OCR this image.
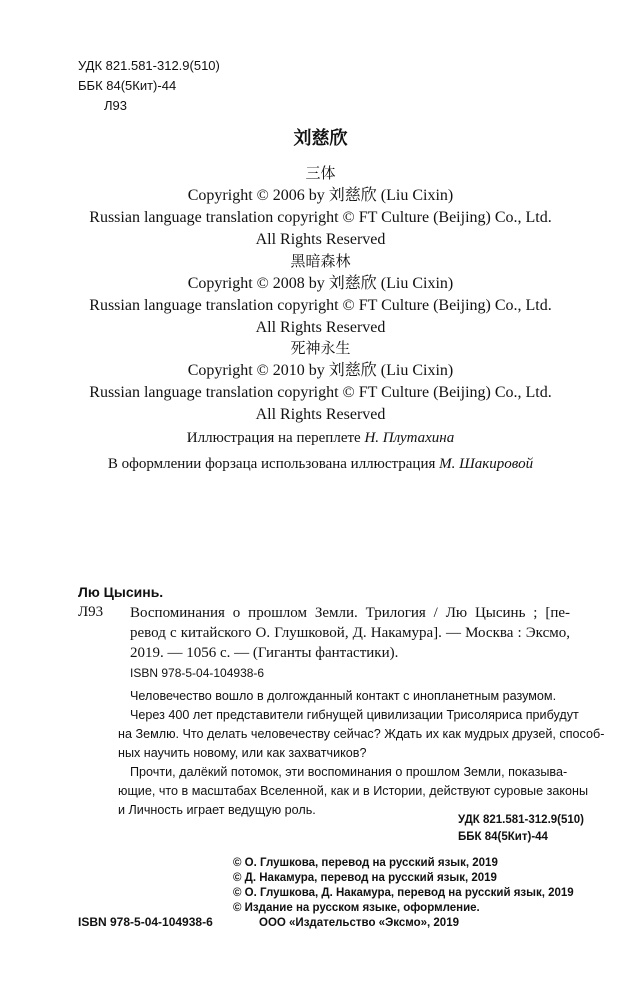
УДК 821.581-312.9(510)
ББК 84(5Кит)-44
Л93
刘慈欣
三体
Copyright © 2006 by 刘慈欣 (Liu Cixin)
Russian language translation copyright © FT Culture (Beijing) Co., Ltd.
All Rights Reserved
黑暗森林
Copyright © 2008 by 刘慈欣 (Liu Cixin)
Russian language translation copyright © FT Culture (Beijing) Co., Ltd.
All Rights Reserved
死神永生
Copyright © 2010 by 刘慈欣 (Liu Cixin)
Russian language translation copyright © FT Culture (Beijing) Co., Ltd.
All Rights Reserved
Иллюстрация на переплете Н. Плутахина
В оформлении форзаца использована иллюстрация М. Шакировой
Лю Цысинь.
Л93 Воспоминания о прошлом Земли. Трилогия / Лю Цысинь ; [пе-
ревод с китайского О. Глушковой, Д. Накамура]. — Москва : Эксмо,
2019. — 1056 с. — (Гиганты фантастики).
ISBN 978-5-04-104938-6

Человечество вошло в долгожданный контакт с инопланетным разумом.

Через 400 лет представители гибнущей цивилизации Трисоляриса прибудут
на Землю. Что делать человечеству сейчас? Ждать их как мудрых друзей, способ-
ных научить новому, или как захватчиков?

Прочти, далёкий потомок, эти воспоминания о прошлом Земли, показыва-
ющие, что в масштабах Вселенной, как и в Истории, действуют суровые законы
и Личность играет ведущую роль.

УДК 821.581-312.9(510)
ББК 84(5Кит)-44
© О. Глушкова, перевод на русский язык, 2019
© Д. Накамура, перевод на русский язык, 2019
© О. Глушкова, Д. Накамура, перевод на русский язык, 2019
© Издание на русском языке, оформление.
ООО «Издательство «Эксмо», 2019
ISBN 978-5-04-104938-6
